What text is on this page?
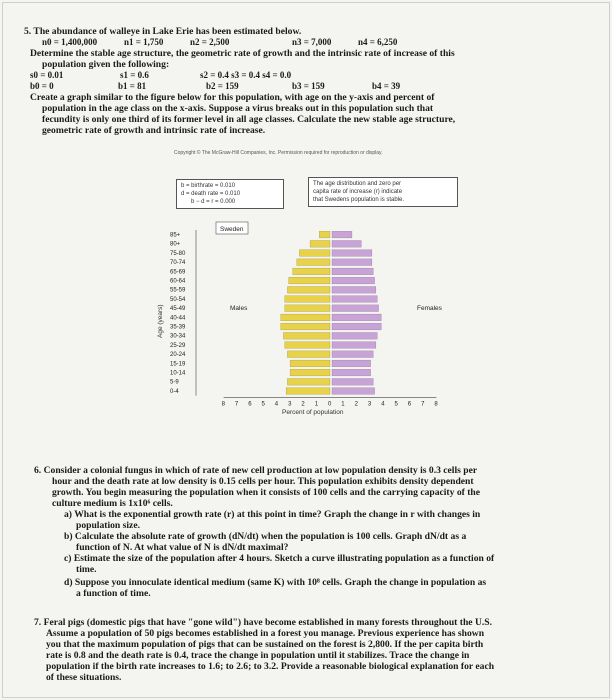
5. The abundance of walleye in Lake Erie has been estimated below.
n0 = 1,400,000	n1 = 1,750	n2 = 2,500	n3 = 7,000	n4 = 6,250
Determine the stable age structure, the geometric rate of growth and the intrinsic rate of increase of this
population given the following:
s0 = 0.01	s1 = 0.6	s2 = 0.4 s3 = 0.4 s4 = 0.0
b0 = 0	b1 = 81	b2 = 159	b3 = 159	b4 = 39
Create a graph similar to the figure below for this population, with age on the y-axis and percent of
population in the age class on the x-axis. Suppose a virus breaks out in this population such that
fecundity is only one third of its former level in all age classes. Calculate the new stable age structure,
geometric rate of growth and intrinsic rate of increase.
Copyright © The McGraw-Hill Companies, Inc. Permission required for reproduction or display.
b = birthrate = 0.010
d = death rate = 0.010
b − d = r = 0.000
The age distribution and zero per
capita rate of increase (r) indicate
that Swedens population is stable.
Age (years)
85+
80+
75-80
70-74
65-69
60-64
55-59
50-54
45-49
40-44
35-39
30-34
25-29
20-24
15-19
10-14
5-9
0-4
8 7 6 5 4 3 2 1 0 1 2 3 4 5 6 7 8
Sweden
Males	Females
Percent of population
6. Consider a colonial fungus in which of rate of new cell production at low population density is 0.3 cells per
hour and the death rate at low density is 0.15 cells per hour. This population exhibits density dependent
growth. You begin measuring the population when it consists of 100 cells and the carrying capacity of the
culture medium is 1x10⁶ cells.
a) What is the exponential growth rate (r) at this point in time? Graph the change in r with changes in
population size.
b) Calculate the absolute rate of growth (dN/dt) when the population is 100 cells. Graph dN/dt as a
function of N. At what value of N is dN/dt maximal?
c) Estimate the size of the population after 4 hours. Sketch a curve illustrating population as a function of
time.
d) Suppose you innoculate identical medium (same K) with 10⁸ cells. Graph the change in population as
a function of time.
7. Feral pigs (domestic pigs that have "gone wild") have become established in many forests throughout the U.S.
Assume a population of 50 pigs becomes established in a forest you manage. Previous experience has shown
you that the maximum population of pigs that can be sustained on the forest is 2,800. If the per capita birth
rate is 0.8 and the death rate is 0.4, trace the change in population until it stabilizes. Trace the change in
population if the birth rate increases to 1.6; to 2.6; to 3.2. Provide a reasonable biological explanation for each
of these situations.
